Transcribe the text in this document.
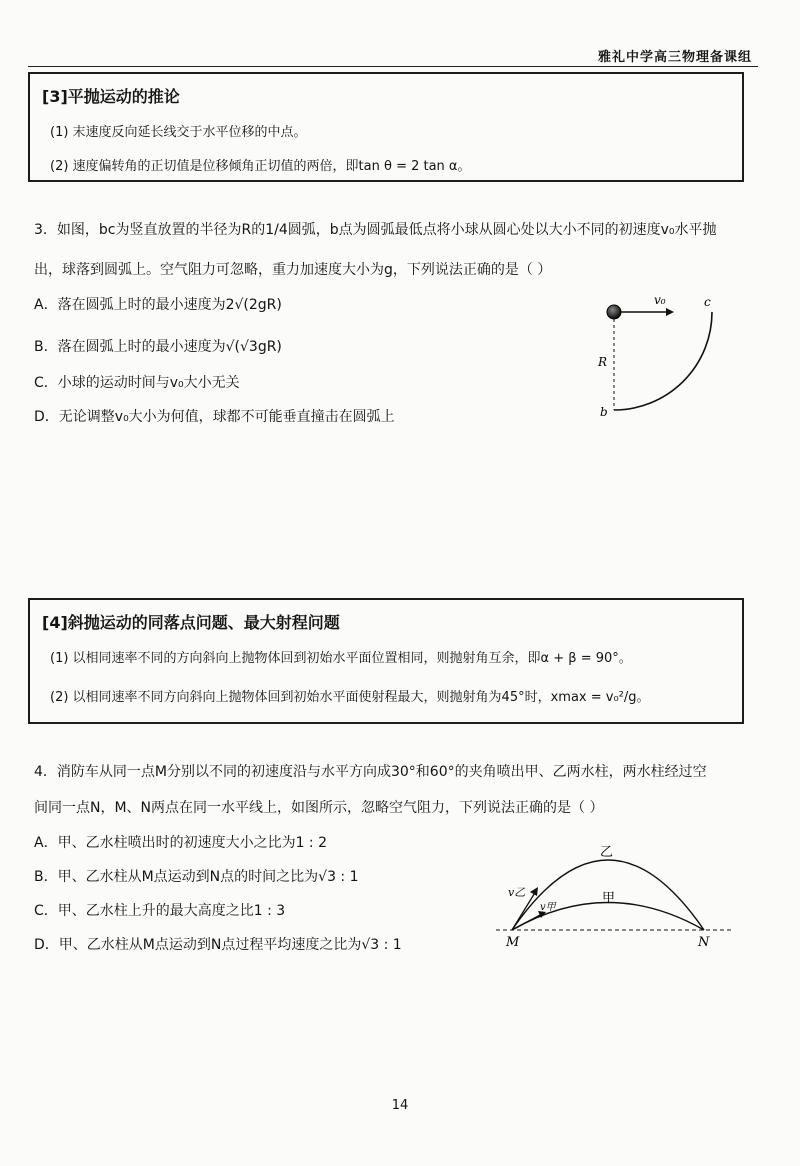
雅礼中学高三物理备课组
[3]平抛运动的推论
(1) 末速度反向延长线交于水平位移的中点。
(2) 速度偏转角的正切值是位移倾角正切值的两倍，即tan θ = 2 tan α。
3．如图，bc为竖直放置的半径为R的1/4圆弧，b点为圆弧最低点将小球从圆心处以大小不同的初速度v₀水平抛
出，球落到圆弧上。空气阻力可忽略，重力加速度大小为g，下列说法正确的是（ ）
A．落在圆弧上时的最小速度为2√(2gR)
B．落在圆弧上时的最小速度为√(√3gR)
C．小球的运动时间与v₀大小无关
D．无论调整v₀大小为何值，球都不可能垂直撞击在圆弧上
v₀	c
R
b
[4]斜抛运动的同落点问题、最大射程问题
(1) 以相同速率不同的方向斜向上抛物体回到初始水平面位置相同，则抛射角互余，即α + β = 90°。
(2) 以相同速率不同方向斜向上抛物体回到初始水平面使射程最大，则抛射角为45°时，xmax = v₀²/g。
4．消防车从同一点M分别以不同的初速度沿与水平方向成30°和60°的夹角喷出甲、乙两水柱，两水柱经过空
间同一点N，M、N两点在同一水平线上，如图所示，忽略空气阻力，下列说法正确的是（ ）
A．甲、乙水柱喷出时的初速度大小之比为1 : 2
B．甲、乙水柱从M点运动到N点的时间之比为√3 : 1
C．甲、乙水柱上升的最大高度之比1 : 3
D．甲、乙水柱从M点运动到N点过程平均速度之比为√3 : 1
乙
甲
v乙
v甲
M	N
14
